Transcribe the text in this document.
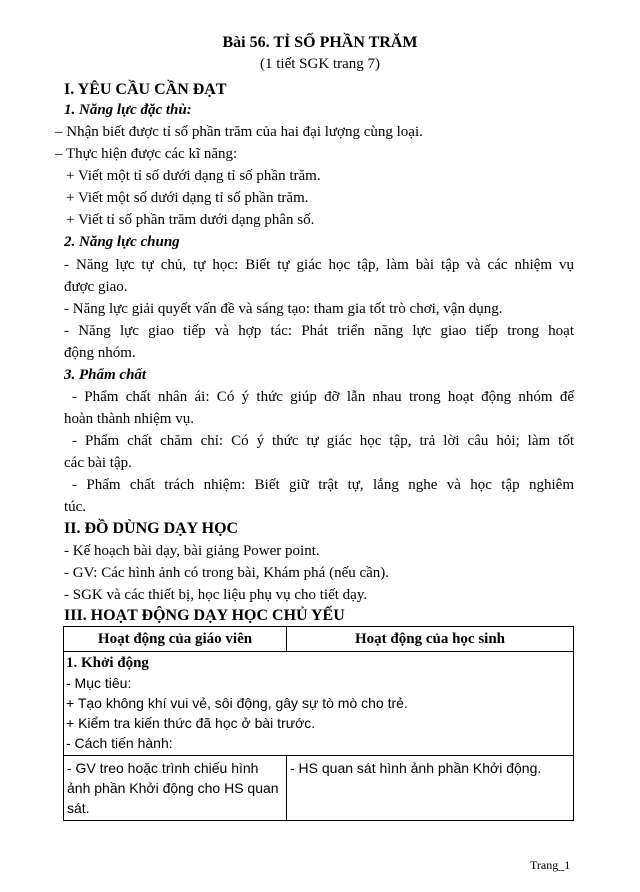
Bài 56. TỈ SỐ PHẦN TRĂM
(1 tiết SGK trang 7)
I. YÊU CẦU CẦN ĐẠT
1. Năng lực đặc thù:
– Nhận biết được tỉ số phần trăm của hai đại lượng cùng loại.
– Thực hiện được các kĩ năng:
+ Viết một tỉ số dưới dạng tỉ số phần trăm.
+ Viết một số dưới dạng tỉ số phần trăm.
+ Viết tỉ số phần trăm dưới dạng phân số.
2. Năng lực chung
- Năng lực tự chủ, tự học: Biết tự giác học tập, làm bài tập và các nhiệm vụ
được giao.
- Năng lực giải quyết vấn đề và sáng tạo: tham gia tốt trò chơi, vận dụng.
- Năng lực giao tiếp và hợp tác: Phát triển năng lực giao tiếp trong hoạt
động nhóm.
3. Phẩm chất
- Phẩm chất nhân ái: Có ý thức giúp đỡ lẫn nhau trong hoạt động nhóm để
hoàn thành nhiệm vụ.
- Phẩm chất chăm chỉ: Có ý thức tự giác học tập, trả lời câu hỏi; làm tốt
các bài tập.
- Phẩm chất trách nhiệm: Biết giữ trật tự, lắng nghe và học tập nghiêm
túc.
II. ĐỒ DÙNG DẠY HỌC
- Kế hoạch bài dạy, bài giảng Power point.
- GV: Các hình ảnh có trong bài, Khám phá (nếu cần).
- SGK và các thiết bị, học liệu phụ vụ cho tiết dạy.
III. HOẠT ĐỘNG DẠY HỌC CHỦ YẾU
Hoạt động của giáo viên	Hoạt động của học sinh

1. Khởi động
- Mục tiêu:
+ Tạo không khí vui vẻ, sôi động, gây sự tò mò cho trẻ.
+ Kiểm tra kiến thức đã học ở bài trước.
- Cách tiến hành:	

- GV treo hoặc trình chiếu hình ảnh phần Khởi động cho HS quan sát.	- HS quan sát hình ảnh phần Khởi động.
Trang_1
